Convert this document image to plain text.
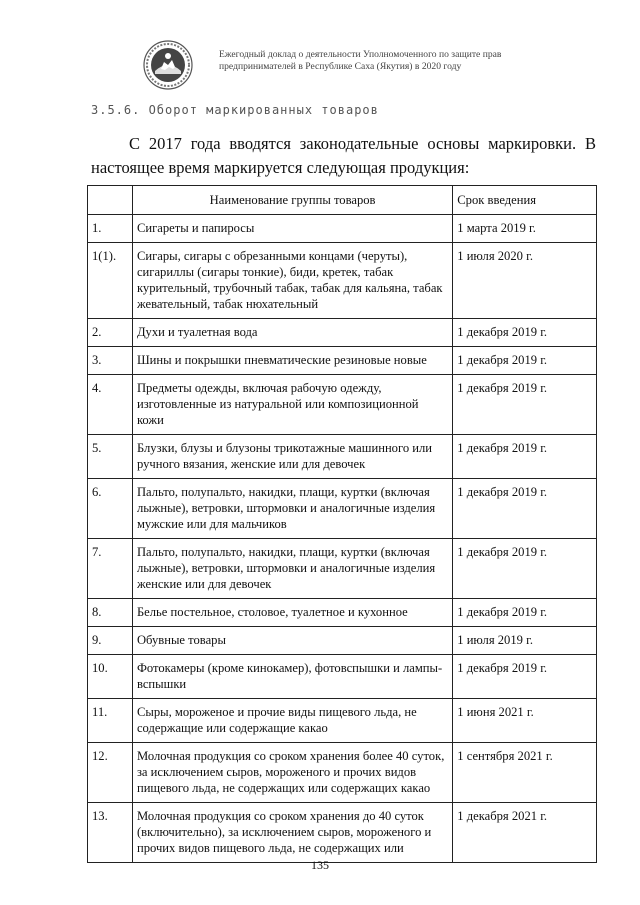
Ежегодный доклад о деятельности Уполномоченного по защите прав
предпринимателей в Республике Саха (Якутия) в 2020 году
3.5.6. Оборот маркированных товаров
С 2017 года вводятся законодательные основы маркировки. В настоящее время маркируется следующая продукция:
	Наименование группы товаров	Срок введения
1.	Сигареты и папиросы	1 марта 2019 г.
1(1).	Сигары, сигары с обрезанными концами (черуты), сигариллы (сигары тонкие), биди, кретек, табак курительный, трубочный табак, табак для кальяна, табак жевательный, табак нюхательный	1 июля 2020 г.
2.	Духи и туалетная вода	1 декабря 2019 г.
3.	Шины и покрышки пневматические резиновые новые	1 декабря 2019 г.
4.	Предметы одежды, включая рабочую одежду, изготовленные из натуральной или композиционной кожи	1 декабря 2019 г.
5.	Блузки, блузы и блузоны трикотажные машинного или ручного вязания, женские или для девочек	1 декабря 2019 г.
6.	Пальто, полупальто, накидки, плащи, куртки (включая лыжные), ветровки, штормовки и аналогичные изделия мужские или для мальчиков	1 декабря 2019 г.
7.	Пальто, полупальто, накидки, плащи, куртки (включая лыжные), ветровки, штормовки и аналогичные изделия женские или для девочек	1 декабря 2019 г.
8.	Белье постельное, столовое, туалетное и кухонное	1 декабря 2019 г.
9.	Обувные товары	1 июля 2019 г.
10.	Фотокамеры (кроме кинокамер), фотовспышки и лампы-вспышки	1 декабря 2019 г.
11.	Сыры, мороженое и прочие виды пищевого льда, не содержащие или содержащие какао	1 июня 2021 г.
12.	Молочная продукция со сроком хранения более 40 суток, за исключением сыров, мороженого и прочих видов пищевого льда, не содержащих или содержащих какао	1 сентября 2021 г.
13.	Молочная продукция со сроком хранения до 40 суток (включительно), за исключением сыров, мороженого и прочих видов пищевого льда, не содержащих или	1 декабря 2021 г.
135
